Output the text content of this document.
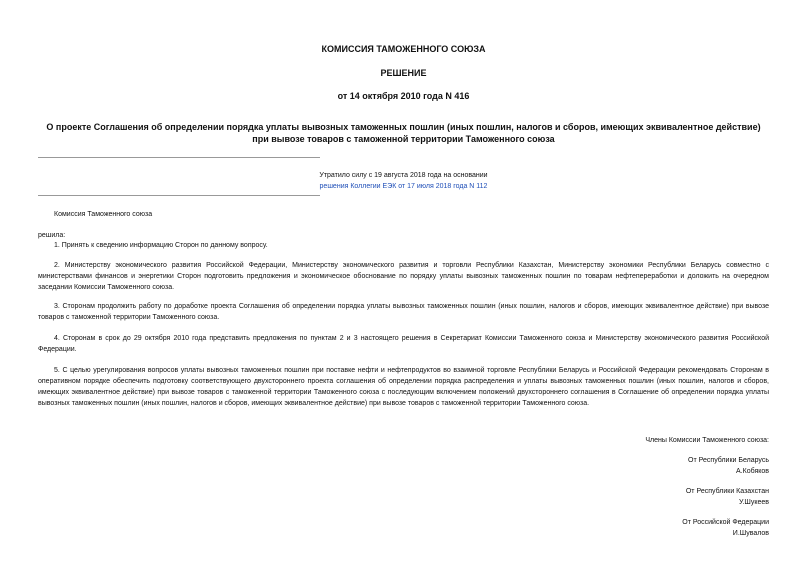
КОМИССИЯ ТАМОЖЕННОГО СОЮЗА
РЕШЕНИЕ
от 14 октября 2010 года N 416
О проекте Соглашения об определении порядка уплаты вывозных таможенных пошлин (иных пошлин, налогов и сборов, имеющих эквивалентное действие) при вывозе товаров с таможенной территории Таможенного союза
Утратило силу с 19 августа 2018 года на основании
решения Коллегии ЕЭК от 17 июля 2018 года N 112
Комиссия Таможенного союза
решила:
1. Принять к сведению информацию Сторон по данному вопросу.
2. Министерству экономического развития Российской Федерации, Министерству экономического развития и торговли Республики Казахстан, Министерству экономики Республики Беларусь совместно с министерствами финансов и энергетики Сторон подготовить предложения и экономическое обоснование по порядку уплаты вывозных таможенных пошлин по товарам нефтепереработки и доложить на очередном заседании Комиссии Таможенного союза.
3. Сторонам продолжить работу по доработке проекта Соглашения об определении порядка уплаты вывозных таможенных пошлин (иных пошлин, налогов и сборов, имеющих эквивалентное действие) при вывозе товаров с таможенной территории Таможенного союза.
4. Сторонам в срок до 29 октября 2010 года представить предложения по пунктам 2 и 3 настоящего решения в Секретариат Комиссии Таможенного союза и Министерству экономического развития Российской Федерации.
5. С целью урегулирования вопросов уплаты вывозных таможенных пошлин при поставке нефти и нефтепродуктов во взаимной торговле Республики Беларусь и Российской Федерации рекомендовать Сторонам в оперативном порядке обеспечить подготовку соответствующего двухстороннего проекта соглашения об определении порядка распределения и уплаты вывозных таможенных пошлин (иных пошлин, налогов и сборов, имеющих эквивалентное действие) при вывозе товаров с таможенной территории Таможенного союза с последующим включением положений двухстороннего соглашения в Соглашение об определении порядка уплаты вывозных таможенных пошлин (иных пошлин, налогов и сборов, имеющих эквивалентное действие) при вывозе товаров с таможенной территории Таможенного союза.
Члены Комиссии Таможенного союза:
От Республики Беларусь
А.Кобяков
От Республики Казахстан
У.Шукеев
От Российской Федерации
И.Шувалов
